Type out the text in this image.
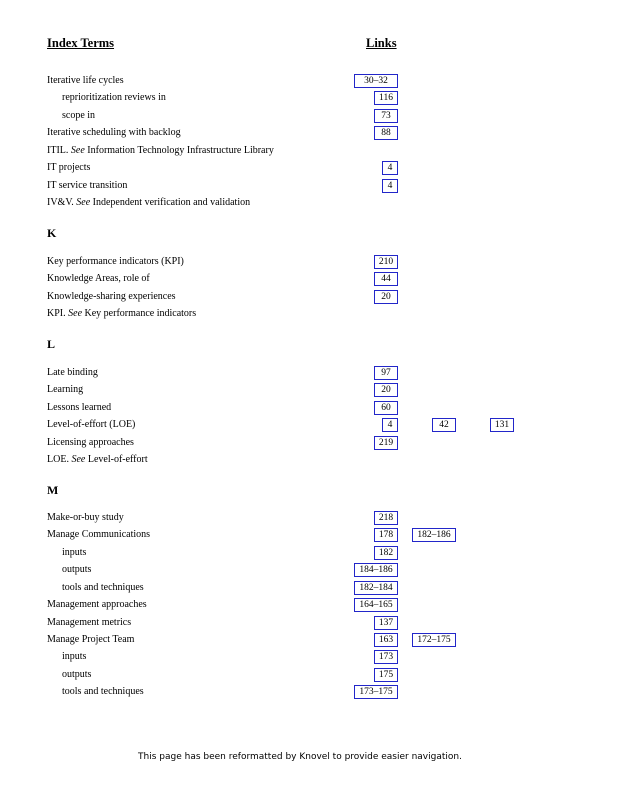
Index Terms	Links
Iterative life cycles	30–32
reprioritization reviews in	116
scope in	73
Iterative scheduling with backlog	88
ITIL. See Information Technology Infrastructure Library
IT projects	4
IT service transition	4
IV&V. See Independent verification and validation
K
Key performance indicators (KPI)	210
Knowledge Areas, role of	44
Knowledge-sharing experiences	20
KPI. See Key performance indicators
L
Late binding	97
Learning	20
Lessons learned	60
Level-of-effort (LOE)	4	42	131
Licensing approaches	219
LOE. See Level-of-effort
M
Make-or-buy study	218
Manage Communications	178	182–186
inputs	182
outputs	184–186
tools and techniques	182–184
Management approaches	164–165
Management metrics	137
Manage Project Team	163	172–175
inputs	173
outputs	175
tools and techniques	173–175
This page has been reformatted by Knovel to provide easier navigation.
